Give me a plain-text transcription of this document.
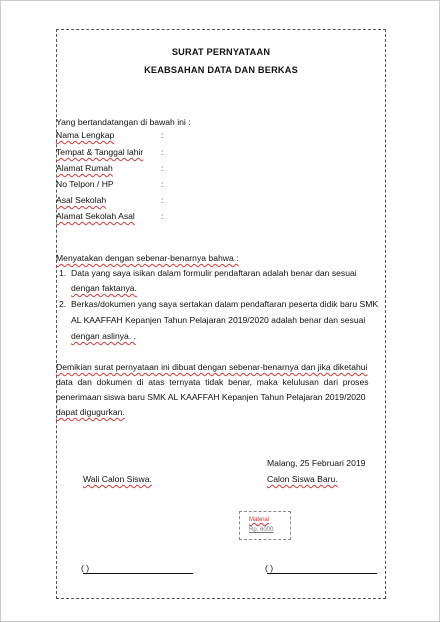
SURAT PERNYATAAN
KEABSAHAN DATA DAN BERKAS
Yang bertandatangan di bawah ini :
Nama Lengkap	:
Tempat & Tanggal lahir :
Alamat Rumah	:
No Telpon / HP	:
Asal Sekolah	:
Alamat Sekolah Asal	:
Menyatakan dengan sebenar-benarnya bahwa :
1. Data yang saya isikan dalam formulir pendaftaran adalah benar dan sesuai
dengan faktanya.
2. Berkas/dokumen yang saya sertakan dalam pendaftaran peserta didik baru SMK
AL KAAFFAH Kepanjen Tahun Pelajaran 2019/2020 adalah benar dan sesuai
dengan aslinya. .
Demikian surat pernyataan ini dibuat dengan sebenar-benarnya dan jika diketahui
data dan dokumen di atas ternyata tidak benar, maka kelulusan dari proses
penerimaan siswa baru SMK AL KAAFFAH Kepanjen Tahun Pelajaran 2019/2020
dapat digugurkan.
Malang, 25 Februari 2019
Wali Calon Siswa.	Calon Siswa Baru.
Materai
Rp. 6000
( )	( )
